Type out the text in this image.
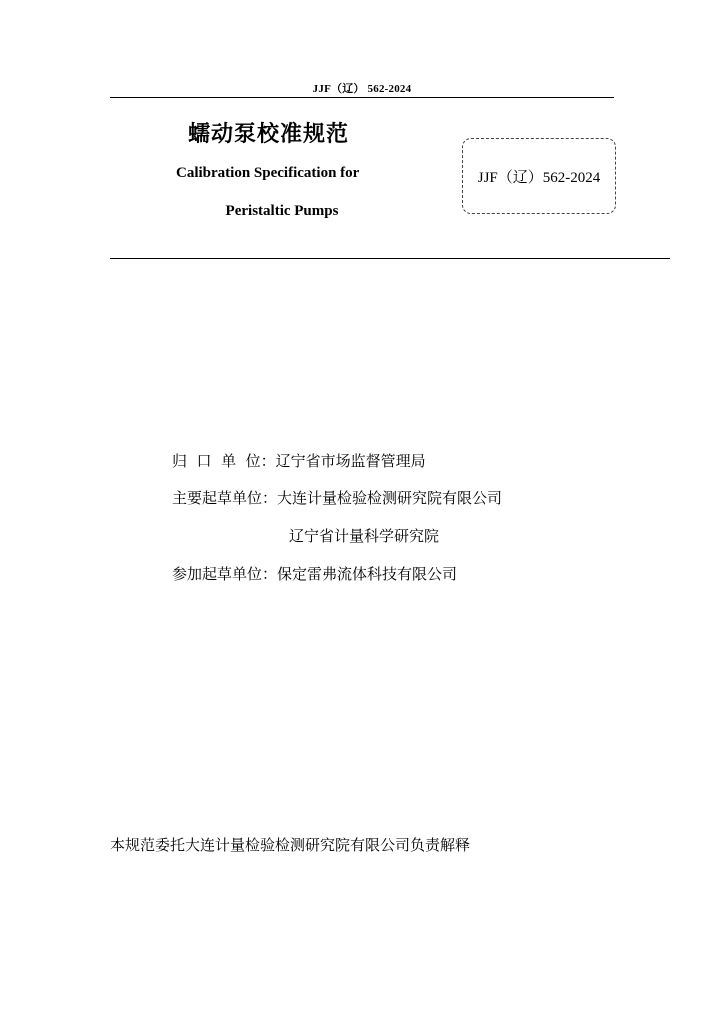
JJF（辽） 562-2024
蠕动泵校准规范
Calibration Specification for
Peristaltic Pumps
JJF（辽）562-2024
归  口  单  位：辽宁省市场监督管理局
主要起草单位：大连计量检验检测研究院有限公司
辽宁省计量科学研究院
参加起草单位：保定雷弗流体科技有限公司
本规范委托大连计量检验检测研究院有限公司负责解释
